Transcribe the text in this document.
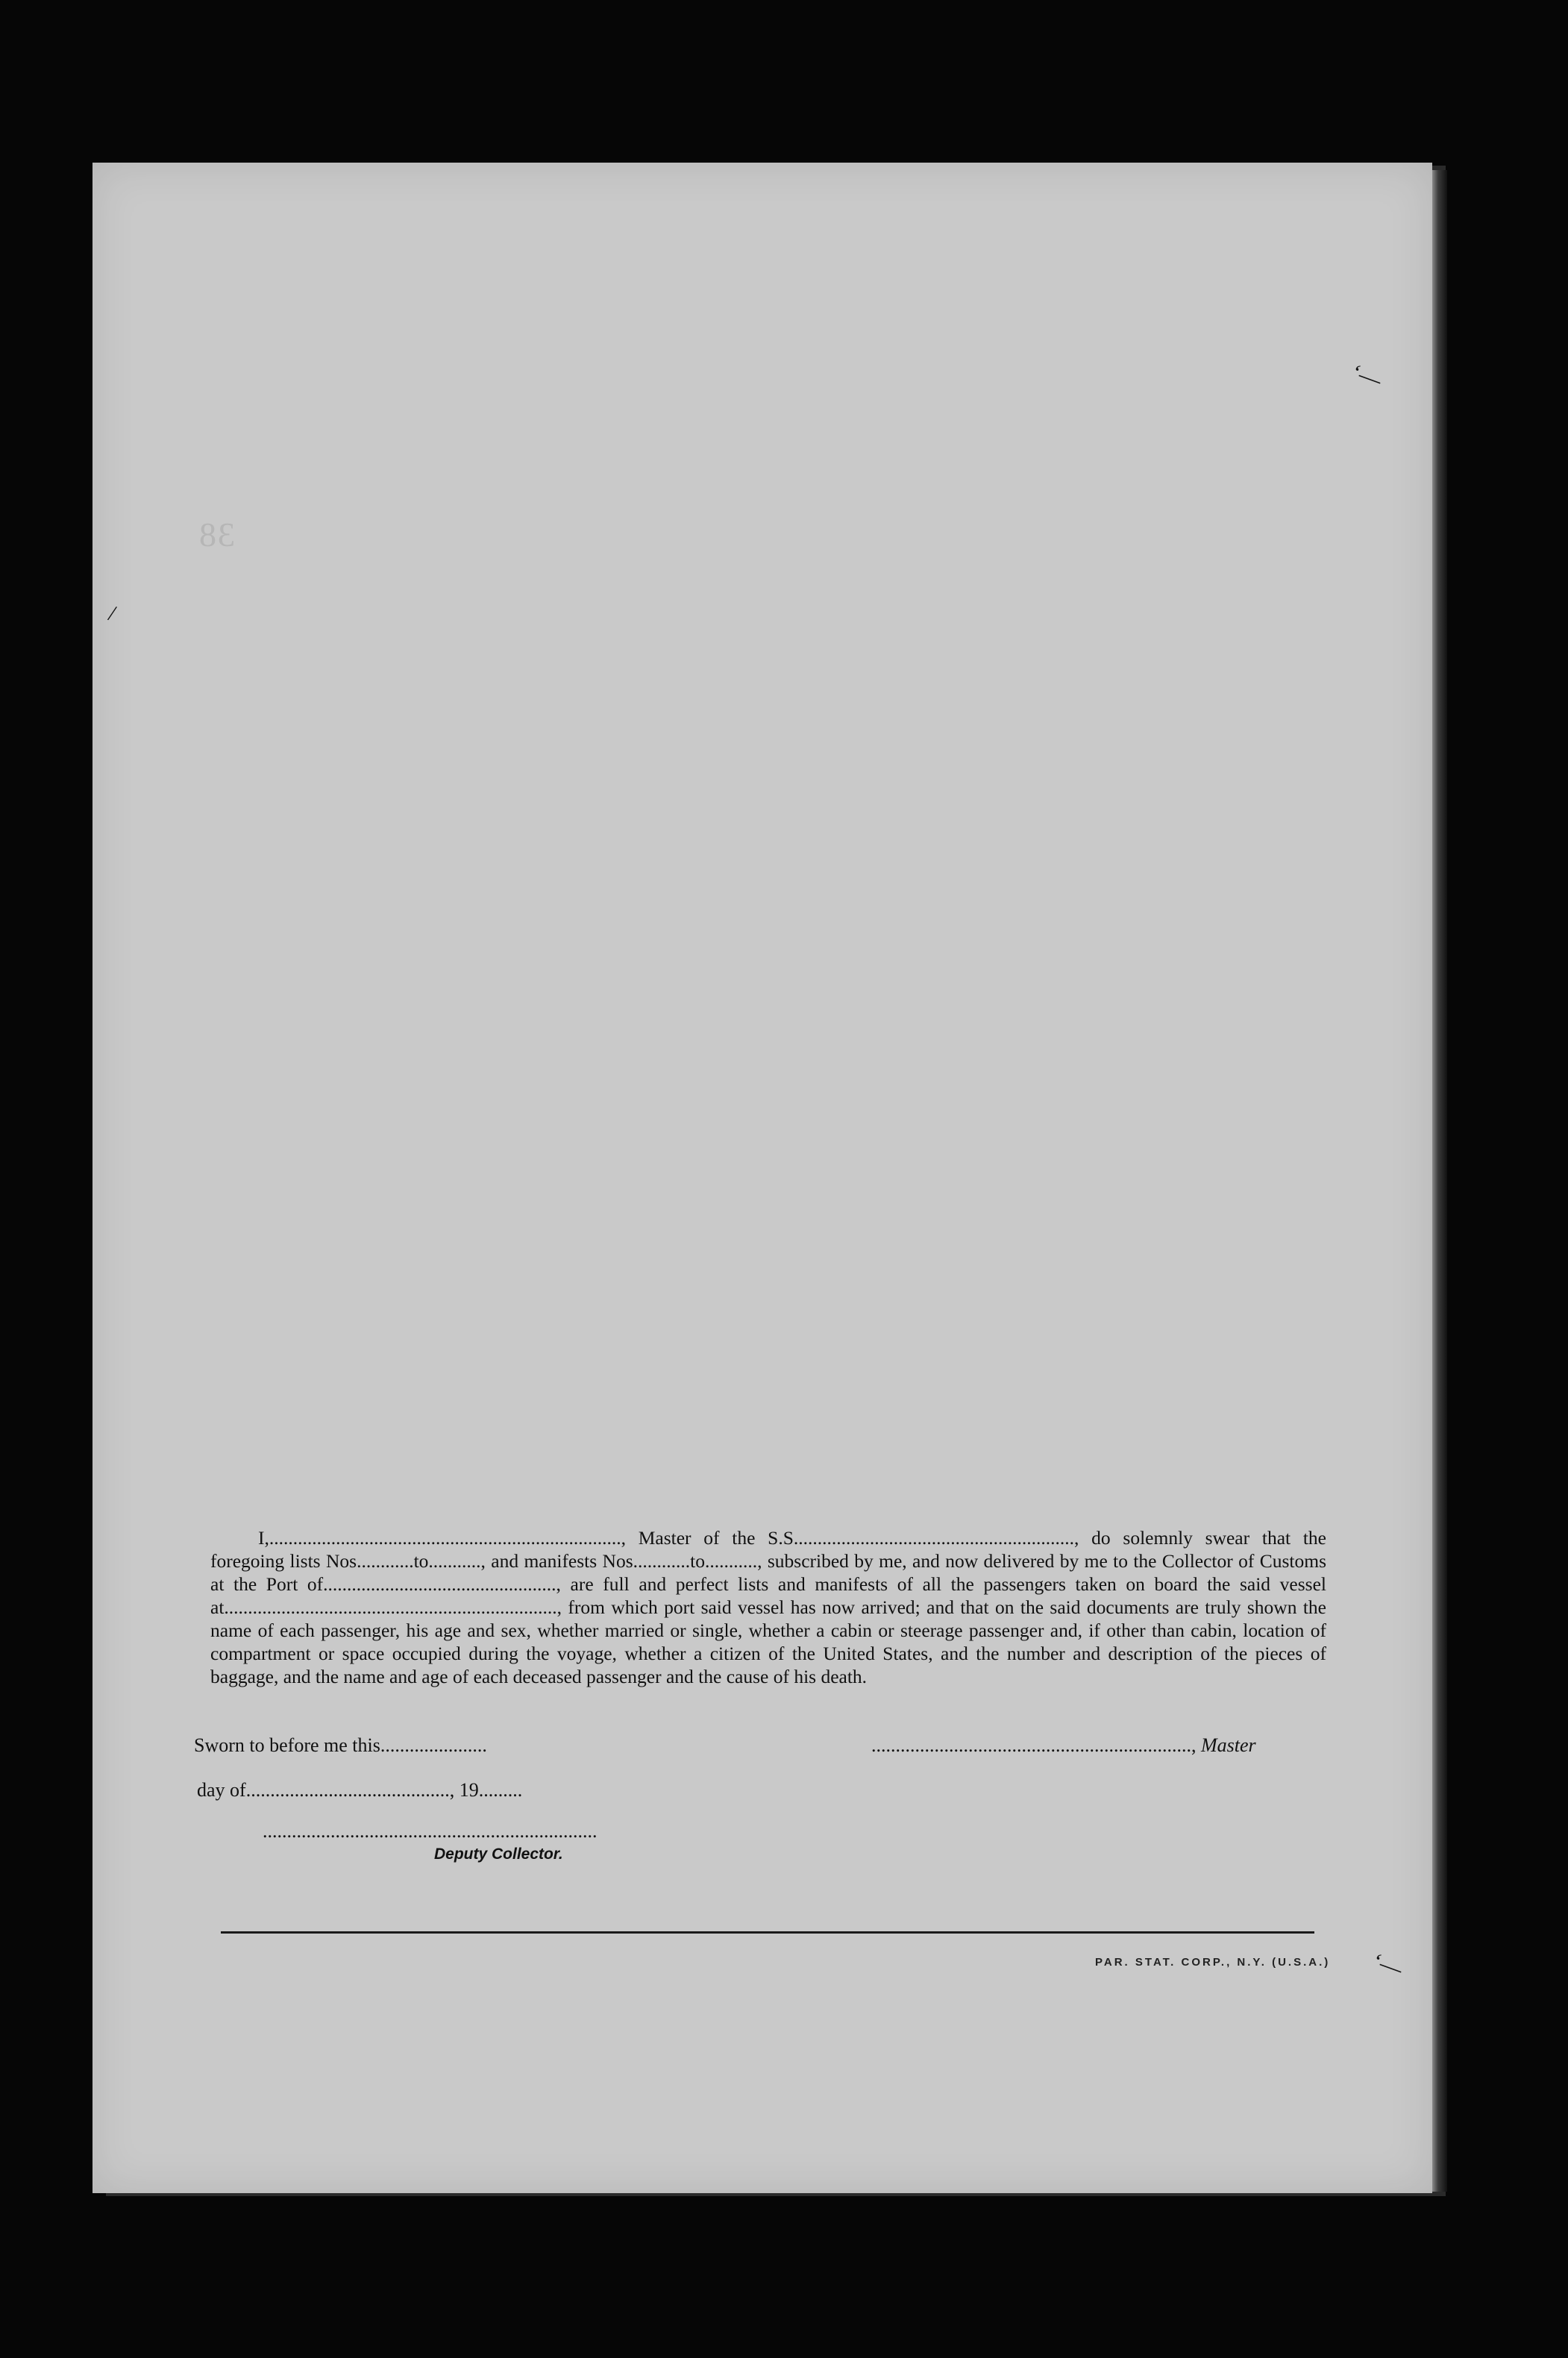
38
‘—
/
‘—

I,.........................................................................., Master of the S.S..........................................................., do solemnly swear that the foregoing lists Nos............to..........., and manifests Nos............to..........., subscribed by me, and now delivered by me to the Collector of Customs at the Port of................................................., are full and perfect lists and manifests of all the passengers taken on board the said vessel at......................................................................, from which port said vessel has now arrived; and that on the said documents are truly shown the name of each passenger, his age and sex, whether married or single, whether a cabin or steerage passenger and, if other than cabin, location of compartment or space occupied during the voyage, whether a citizen of the United States, and the number and description of the pieces of baggage, and the name and age of each deceased passenger and the cause of his death.

Sworn to before me this......................	.................................................................., Master
day of.........................................., 19.........
.....................................................................
Deputy Collector.
PAR. STAT. CORP., N.Y. (U.S.A.)
